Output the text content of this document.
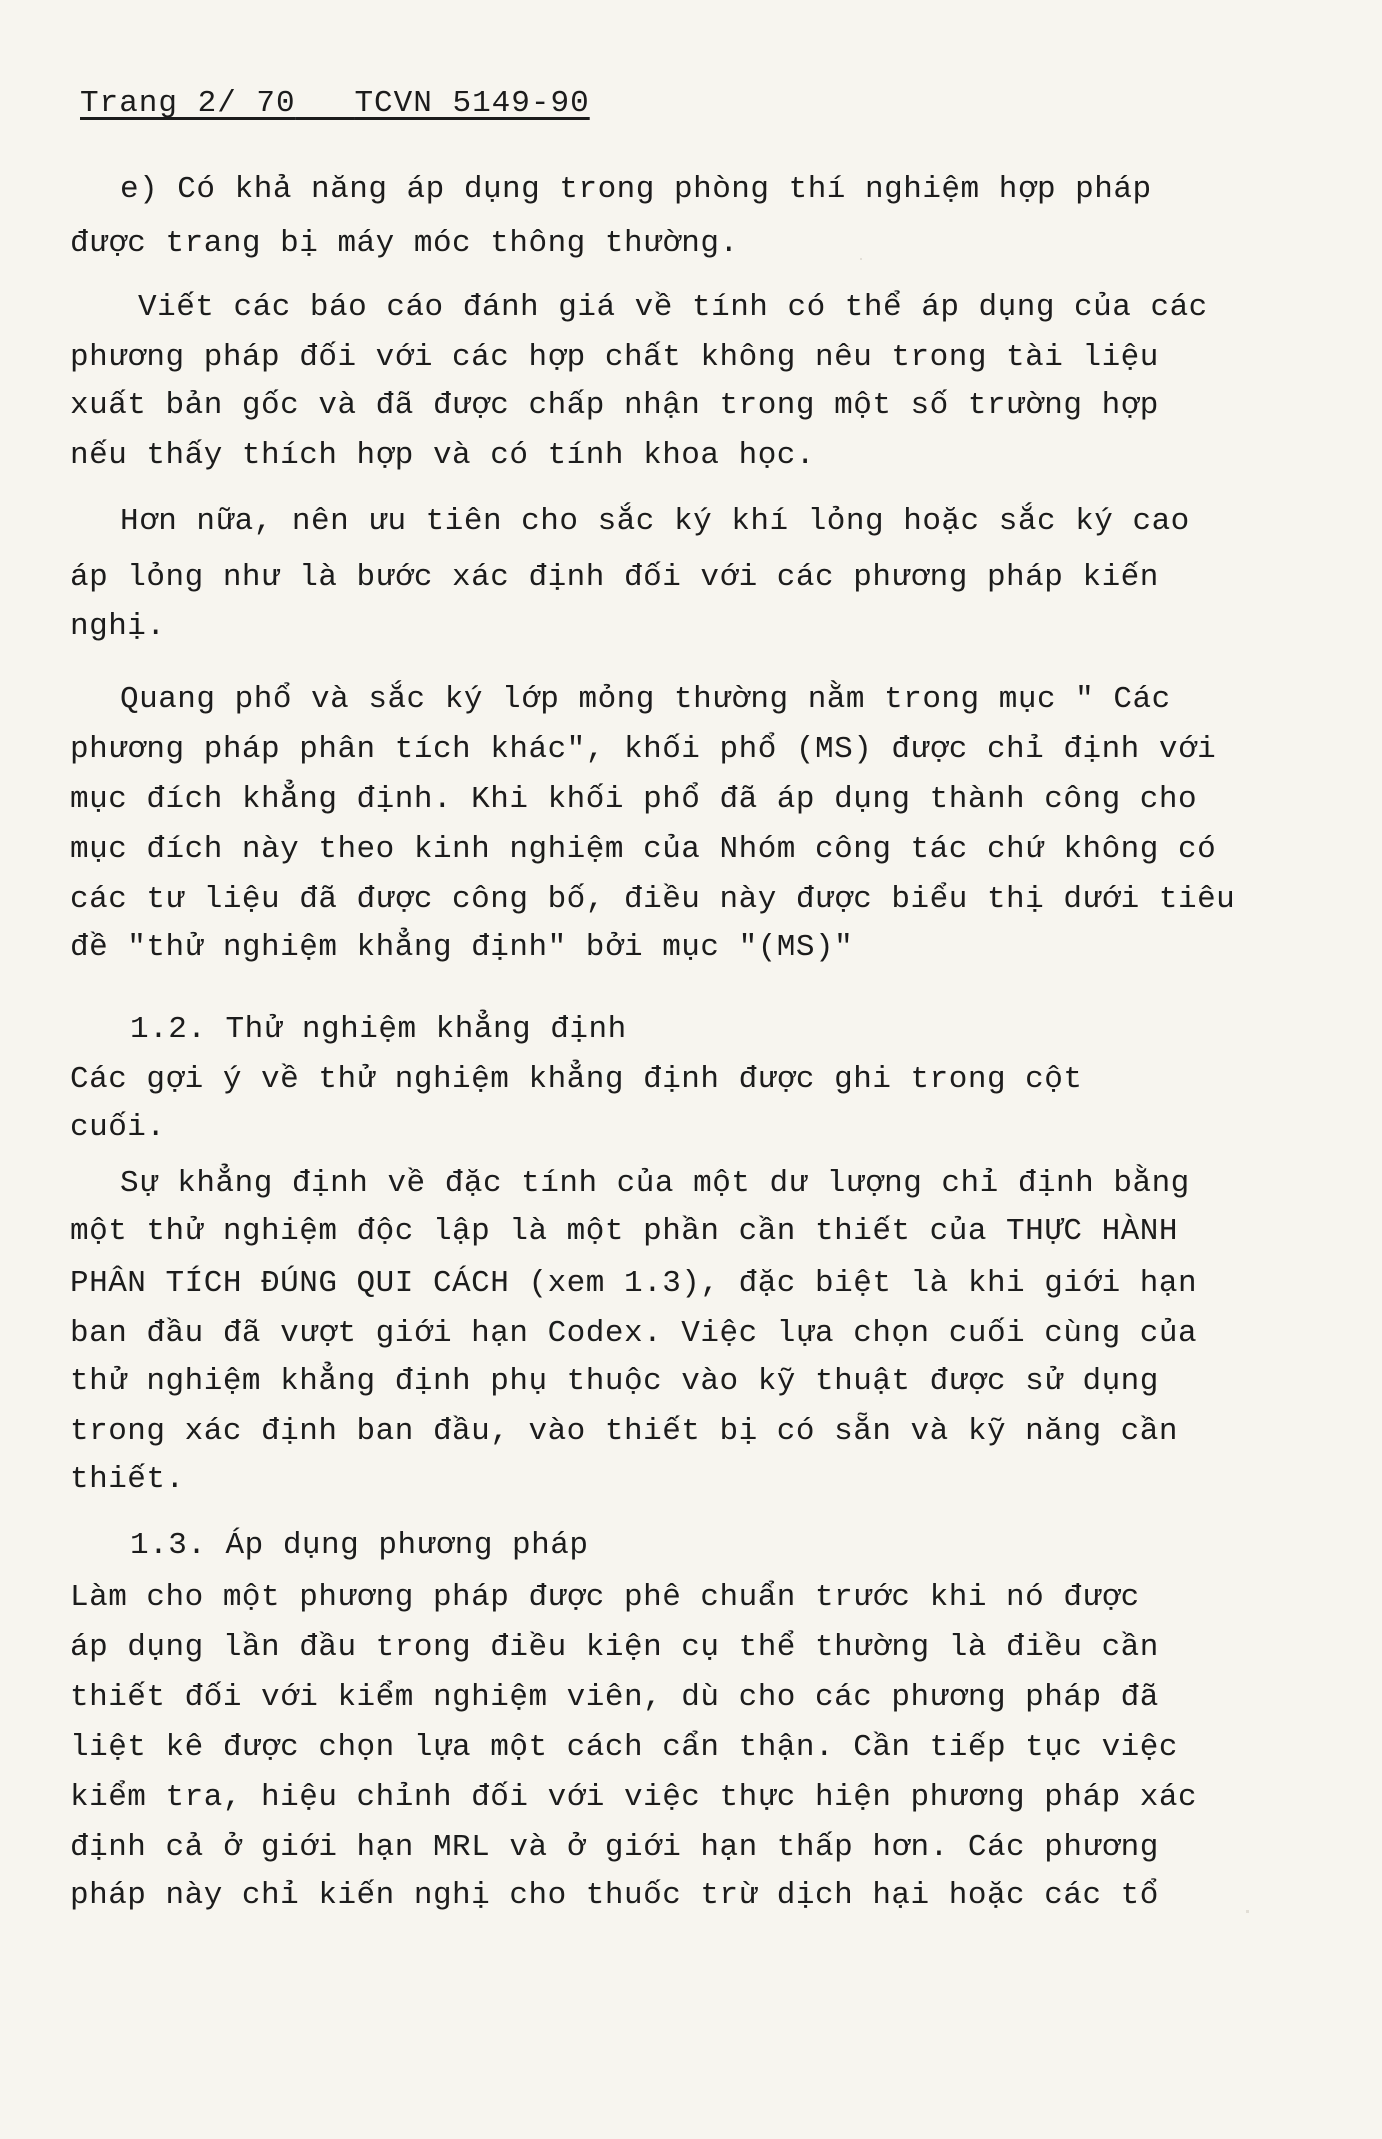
Trang 2/ 70 TCVN 5149-90
e) Có khả năng áp dụng trong phòng thí nghiệm hợp pháp
được trang bị máy móc thông thường.
Viết các báo cáo đánh giá về tính có thể áp dụng của các
phương pháp đối với các hợp chất không nêu trong tài liệu
xuất bản gốc và đã được chấp nhận trong một số trường hợp
nếu thấy thích hợp và có tính khoa học.
Hơn nữa, nên ưu tiên cho sắc ký khí lỏng hoặc sắc ký cao
áp lỏng như là bước xác định đối với các phương pháp kiến
nghị.
Quang phổ và sắc ký lớp mỏng thường nằm trong mục " Các
phương pháp phân tích khác", khối phổ (MS) được chỉ định với
mục đích khẳng định. Khi khối phổ đã áp dụng thành công cho
mục đích này theo kinh nghiệm của Nhóm công tác chứ không có
các tư liệu đã được công bố, điều này được biểu thị dưới tiêu
đề "thử nghiệm khẳng định" bởi mục "(MS)"
1.2. Thử nghiệm khẳng định
Các gợi ý về thử nghiệm khẳng định được ghi trong cột
cuối.
Sự khẳng định về đặc tính của một dư lượng chỉ định bằng
một thử nghiệm độc lập là một phần cần thiết của THỰC HÀNH
PHÂN TÍCH ĐÚNG QUI CÁCH (xem 1.3), đặc biệt là khi giới hạn
ban đầu đã vượt giới hạn Codex. Việc lựa chọn cuối cùng của
thử nghiệm khẳng định phụ thuộc vào kỹ thuật được sử dụng
trong xác định ban đầu, vào thiết bị có sẵn và kỹ năng cần
thiết.
1.3. Áp dụng phương pháp
Làm cho một phương pháp được phê chuẩn trước khi nó được
áp dụng lần đầu trong điều kiện cụ thể thường là điều cần
thiết đối với kiểm nghiệm viên, dù cho các phương pháp đã
liệt kê được chọn lựa một cách cẩn thận. Cần tiếp tục việc
kiểm tra, hiệu chỉnh đối với việc thực hiện phương pháp xác
định cả ở giới hạn MRL và ở giới hạn thấp hơn. Các phương
pháp này chỉ kiến nghị cho thuốc trừ dịch hại hoặc các tổ
